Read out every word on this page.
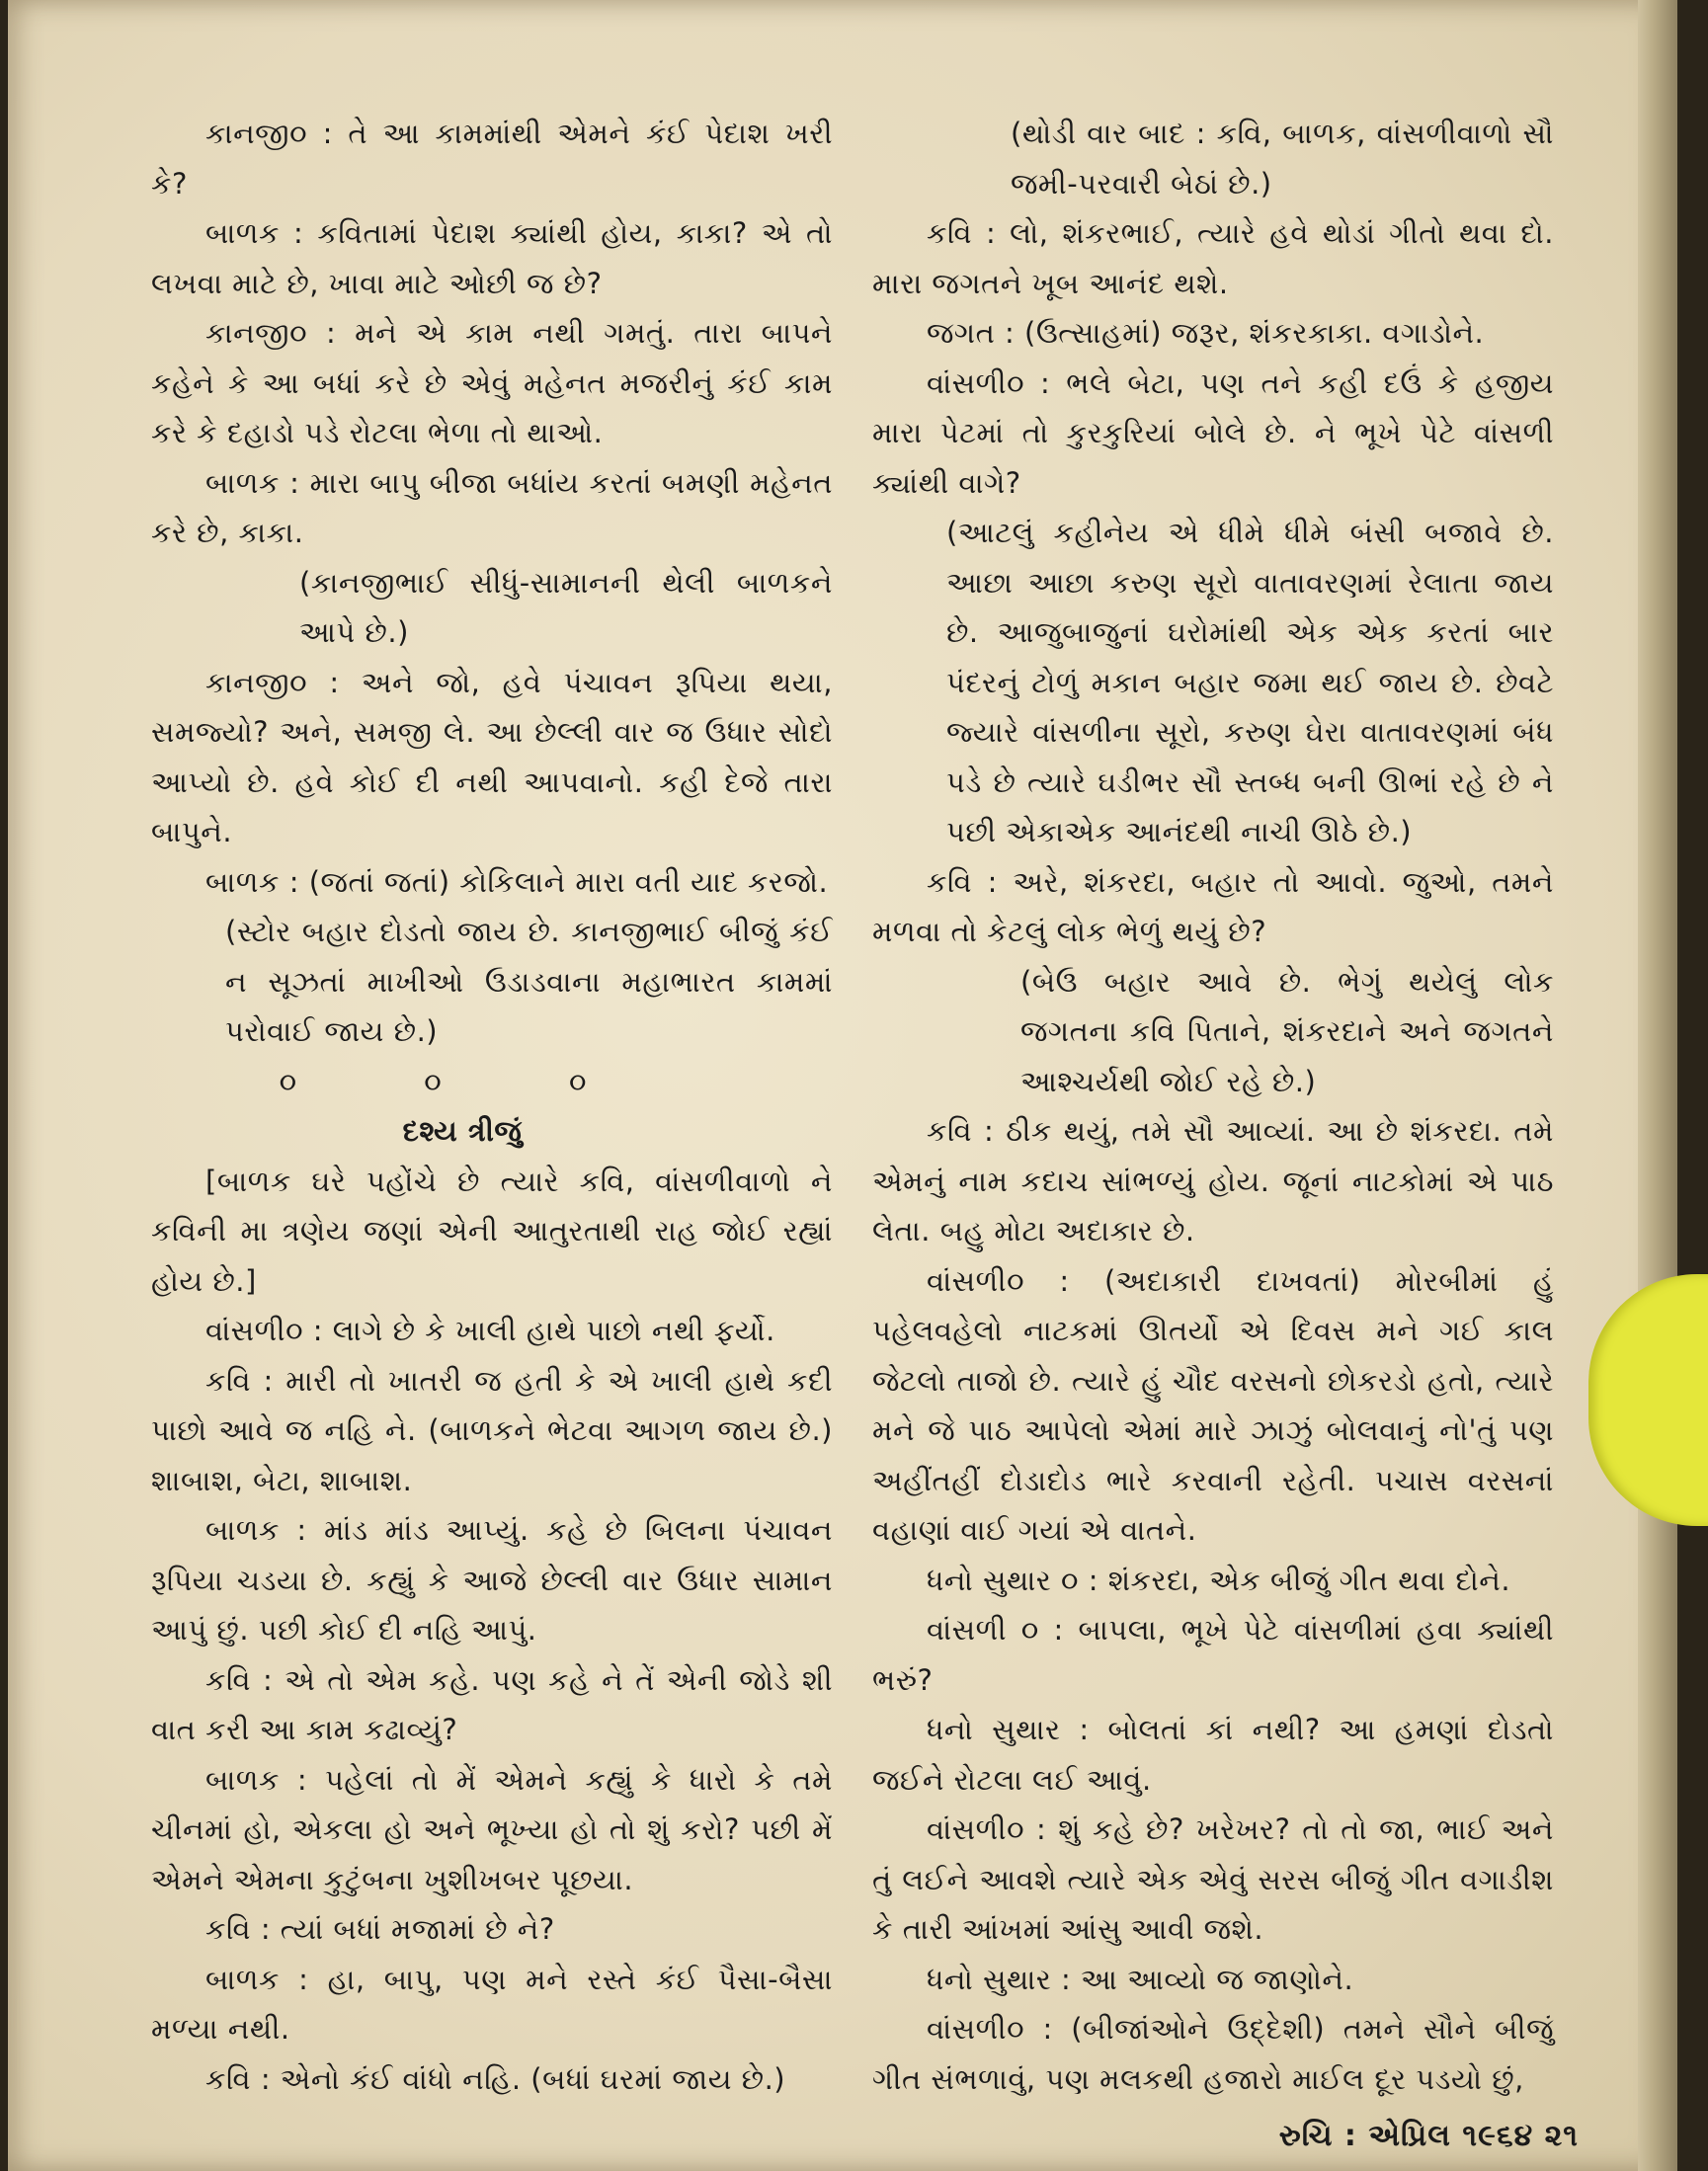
કાનજી૦ : તે આ કામમાંથી એમને કંઈ પેદાશ ખરી કે?

બાળક : કવિતામાં પેદાશ ક્યાંથી હોય, કાકા? એ તો લખવા માટે છે, ખાવા માટે ઓછી જ છે?

કાનજી૦ : મને એ કામ નથી ગમતું. તારા બાપને કહેને કે આ બધાં કરે છે એવું મહેનત મજરીનું કંઈ કામ કરે કે દહાડો પડે રોટલા ભેળા તો થાઓ.

બાળક : મારા બાપુ બીજા બધાંય કરતાં બમણી મહેનત કરે છે, કાકા.

(કાનજીભાઈ સીધું-સામાનની થેલી બાળકને આપે છે.)

કાનજી૦ : અને જો, હવે પંચાવન રૂપિયા થયા, સમજ્યો? અને, સમજી લે. આ છેલ્લી વાર જ ઉધાર સોદો આપ્યો છે. હવે કોઈ દી નથી આપવાનો. કહી દેજે તારા બાપુને.

બાળક : (જતાં જતાં) કોકિલાને મારા વતી યાદ કરજો.

(સ્ટોર બહાર દોડતો જાય છે. કાનજીભાઈ બીજું કંઈ ન સૂઝતાં માખીઓ ઉડાડવાના મહાભારત કામમાં પરોવાઈ જાય છે.)

૦ ૦ ૦

દશ્ય ત્રીજું

[બાળક ઘરે પહોંચે છે ત્યારે કવિ, વાંસળીવાળો ને કવિની મા ત્રણેય જણાં એની આતુરતાથી રાહ જોઈ રહ્યાં હોય છે.]

વાંસળી૦ : લાગે છે કે ખાલી હાથે પાછો નથી ફર્યો.

કવિ : મારી તો ખાતરી જ હતી કે એ ખાલી હાથે કદી પાછો આવે જ નહિ ને. (બાળકને ભેટવા આગળ જાય છે.) શાબાશ, બેટા, શાબાશ.

બાળક : માંડ માંડ આપ્યું. કહે છે બિલના પંચાવન રૂપિયા ચડયા છે. કહ્યું કે આજે છેલ્લી વાર ઉધાર સામાન આપું છું. પછી કોઈ દી નહિ આપું.

કવિ : એ તો એમ કહે. પણ કહે ને તેં એની જોડે શી વાત કરી આ કામ કઢાવ્યું?

બાળક : પહેલાં તો મેં એમને કહ્યું કે ધારો કે તમે ચીનમાં હો, એકલા હો અને ભૂખ્યા હો તો શું કરો? પછી મેં એમને એમના કુટુંબના ખુશીખબર પૂછયા.

કવિ : ત્યાં બધાં મજામાં છે ને?

બાળક : હા, બાપુ, પણ મને રસ્તે કંઈ પૈસા-બૈસા મળ્યા નથી.

કવિ : એનો કંઈ વાંધો નહિ. (બધાં ઘરમાં જાય છે.)

(થોડી વાર બાદ : કવિ, બાળક, વાંસળીવાળો સૌ જમી-પરવારી બેઠાં છે.)

કવિ : લો, શંકરભાઈ, ત્યારે હવે થોડાં ગીતો થવા દો. મારા જગતને ખૂબ આનંદ થશે.

જગત : (ઉત્સાહમાં) જરૂર, શંકરકાકા. વગાડોને.

વાંસળી૦ : ભલે બેટા, પણ તને કહી દઉં કે હજીય મારા પેટમાં તો કુરકુરિયાં બોલે છે. ને ભૂખે પેટે વાંસળી ક્યાંથી વાગે?

(આટલું કહીનેય એ ધીમે ધીમે બંસી બજાવે છે. આછા આછા કરુણ સૂરો વાતાવરણમાં રેલાતા જાય છે. આજુબાજુનાં ઘરોમાંથી એક એક કરતાં બાર પંદરનું ટોળું મકાન બહાર જમા થઈ જાય છે. છેવટે જ્યારે વાંસળીના સૂરો, કરુણ ઘેરા વાતાવરણમાં બંધ પડે છે ત્યારે ઘડીભર સૌ સ્તબ્ધ બની ઊભાં રહે છે ને પછી એકાએક આનંદથી નાચી ઊઠે છે.)

કવિ : અરે, શંકરદા, બહાર તો આવો. જુઓ, તમને મળવા તો કેટલું લોક ભેળું થયું છે?

(બેઉ બહાર આવે છે. ભેગું થયેલું લોક જગતના કવિ પિતાને, શંકરદાને અને જગતને આશ્ચર્યથી જોઈ રહે છે.)

કવિ : ઠીક થયું, તમે સૌ આવ્યાં. આ છે શંકરદા. તમે એમનું નામ કદાચ સાંભળ્યું હોય. જૂનાં નાટકોમાં એ પાઠ લેતા. બહુ મોટા અદાકાર છે.

વાંસળી૦ : (અદાકારી દાખવતાં) મોરબીમાં હું પહેલવહેલો નાટકમાં ઊતર્યો એ દિવસ મને ગઈ કાલ જેટલો તાજો છે. ત્યારે હું ચૌદ વરસનો છોકરડો હતો, ત્યારે મને જે પાઠ આપેલો એમાં મારે ઝાઝું બોલવાનું નો'તું પણ અહીંતહીં દોડાદોડ ભારે કરવાની રહેતી. પચાસ વરસનાં વહાણાં વાઈ ગયાં એ વાતને.

ધનો સુથાર ૦ : શંકરદા, એક બીજું ગીત થવા દોને.

વાંસળી ૦ : બાપલા, ભૂખે પેટે વાંસળીમાં હવા ક્યાંથી ભરું?

ધનો સુથાર : બોલતાં કાં નથી? આ હમણાં દોડતો જઈને રોટલા લઈ આવું.

વાંસળી૦ : શું કહે છે? ખરેખર? તો તો જા, ભાઈ અને તું લઈને આવશે ત્યારે એક એવું સરસ બીજું ગીત વગાડીશ કે તારી આંખમાં આંસુ આવી જશે.

ધનો સુથાર : આ આવ્યો જ જાણોને.

વાંસળી૦ : (બીજાંઓને ઉદ્દેશી) તમને સૌને બીજું ગીત સંભળાવું, પણ મલકથી હજારો માઈલ દૂર પડયો છું,

રુચિ : એપ્રિલ ૧૯૬૪ ૨૧
